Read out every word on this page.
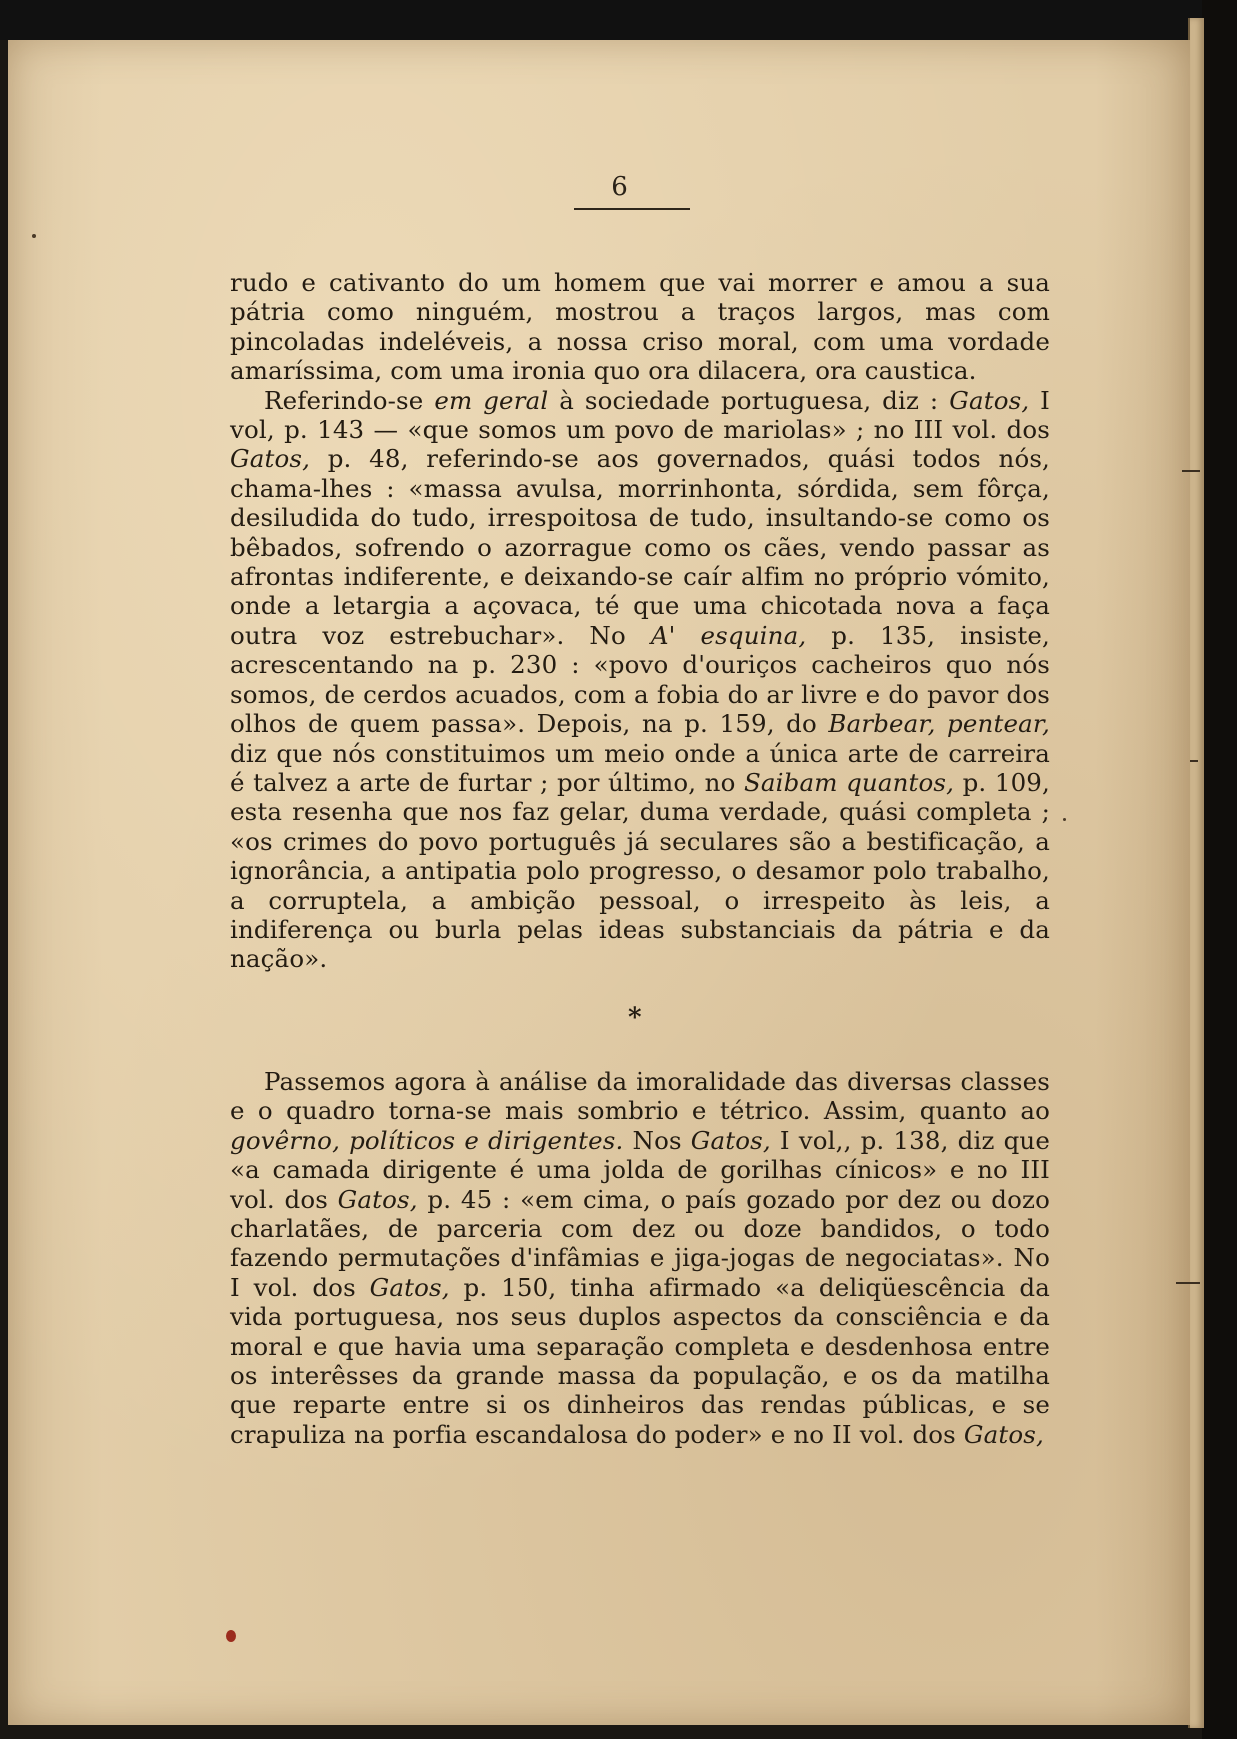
6

rudo e cativanto do um homem que vai morrer e amou a sua pátria como ninguém, mostrou a traços largos, mas com pincoladas indeléveis, a nossa criso moral, com uma vordade amaríssima, com uma ironia quo ora dilacera, ora caustica.

Referindo-se em geral à sociedade portuguesa, diz : Gatos, I vol, p. 143 — «que somos um povo de mariolas» ; no III vol. dos Gatos, p. 48, referindo-se aos governados, quási todos nós, chama-lhes : «massa avulsa, morrinhonta, sórdida, sem fôrça, desiludida do tudo, irrespoitosa de tudo, insultando-se como os bêbados, sofrendo o azorrague como os cães, vendo passar as afrontas indiferente, e deixando-se caír alfim no próprio vómito, onde a letargia a açovaca, té que uma chicotada nova a faça outra voz estrebuchar». No A' esquina, p. 135, insiste, acrescentando na p. 230 : «povo d'ouriços cacheiros quo nós somos, de cerdos acuados, com a fobia do ar livre e do pavor dos olhos de quem passa». Depois, na p. 159, do Barbear, pentear, diz que nós constituimos um meio onde a única arte de carreira é talvez a arte de furtar ; por último, no Saibam quantos, p. 109, esta resenha que nos faz gelar, duma verdade, quási completa ; «os crimes do povo português já seculares são a bestificação, a ignorância, a antipatia polo progresso, o desamor polo trabalho, a corruptela, a ambição pessoal, o irrespeito às leis, a indiferença ou burla pelas ideas substanciais da pátria e da nação».

*

Passemos agora à análise da imoralidade das diversas classes e o quadro torna-se mais sombrio e tétrico. Assim, quanto ao govêrno, políticos e dirigentes. Nos Gatos, I vol,, p. 138, diz que «a camada dirigente é uma jolda de gorilhas cínicos» e no III vol. dos Gatos, p. 45 : «em cima, o país gozado por dez ou dozo charlatães, de parceria com dez ou doze bandidos, o todo fazendo permutações d'infâmias e jiga-jogas de negociatas». No I vol. dos Gatos, p. 150, tinha afirmado «a deliqüescência da vida portuguesa, nos seus duplos aspectos da consciência e da moral e que havia uma separação completa e desdenhosa entre os interêsses da grande massa da população, e os da matilha que reparte entre si os dinheiros das rendas públicas, e se crapuliza na porfia escandalosa do poder» e no II vol. dos Gatos,
